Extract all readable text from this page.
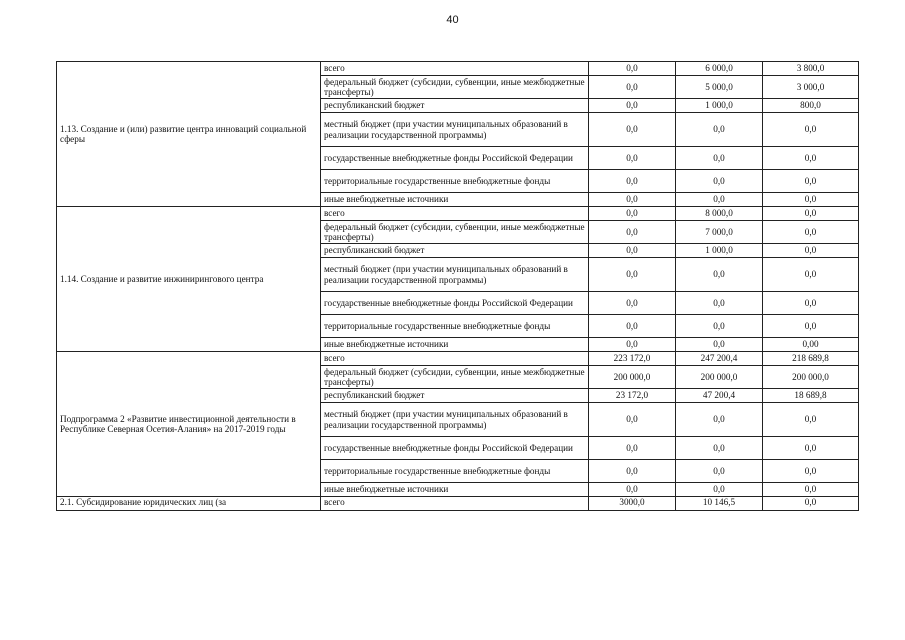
40
1.13. Создание и (или) развитие центра инноваций социальной сферы	всего	0,0	6 000,0	3 800,0
	федеральный бюджет (субсидии, субвенции, иные межбюджетные трансферты)	0,0	5 000,0	3 000,0
	республиканский бюджет	0,0	1 000,0	800,0
	местный бюджет (при участии муниципальных образований в реализации государственной программы)	0,0	0,0	0,0
	государственные внебюджетные фонды Российской Федерации	0,0	0,0	0,0
	территориальные государственные внебюджетные фонды	0,0	0,0	0,0
	иные внебюджетные источники	0,0	0,0	0,0
1.14. Создание и развитие инжинирингового центра	всего	0,0	8 000,0	0,0
	федеральный бюджет (субсидии, субвенции, иные межбюджетные трансферты)	0,0	7 000,0	0,0
	республиканский бюджет	0,0	1 000,0	0,0
	местный бюджет (при участии муниципальных образований в реализации государственной программы)	0,0	0,0	0,0
	государственные внебюджетные фонды Российской Федерации	0,0	0,0	0,0
	территориальные государственные внебюджетные фонды	0,0	0,0	0,0
	иные внебюджетные источники	0,0	0,0	0,00
Подпрограмма 2 «Развитие инвестиционной деятельности в Республике Северная Осетия-Алания» на 2017-2019 годы	всего	223 172,0	247 200,4	218 689,8
	федеральный бюджет (субсидии, субвенции, иные межбюджетные трансферты)	200 000,0	200 000,0	200 000,0
	республиканский бюджет	23 172,0	47 200,4	18 689,8
	местный бюджет (при участии муниципальных образований в реализации государственной программы)	0,0	0,0	0,0
	государственные внебюджетные фонды Российской Федерации	0,0	0,0	0,0
	территориальные государственные внебюджетные фонды	0,0	0,0	0,0
	иные внебюджетные источники	0,0	0,0	0,0
2.1. Субсидирование юридических лиц (за	всего	3000,0	10 146,5	0,0
